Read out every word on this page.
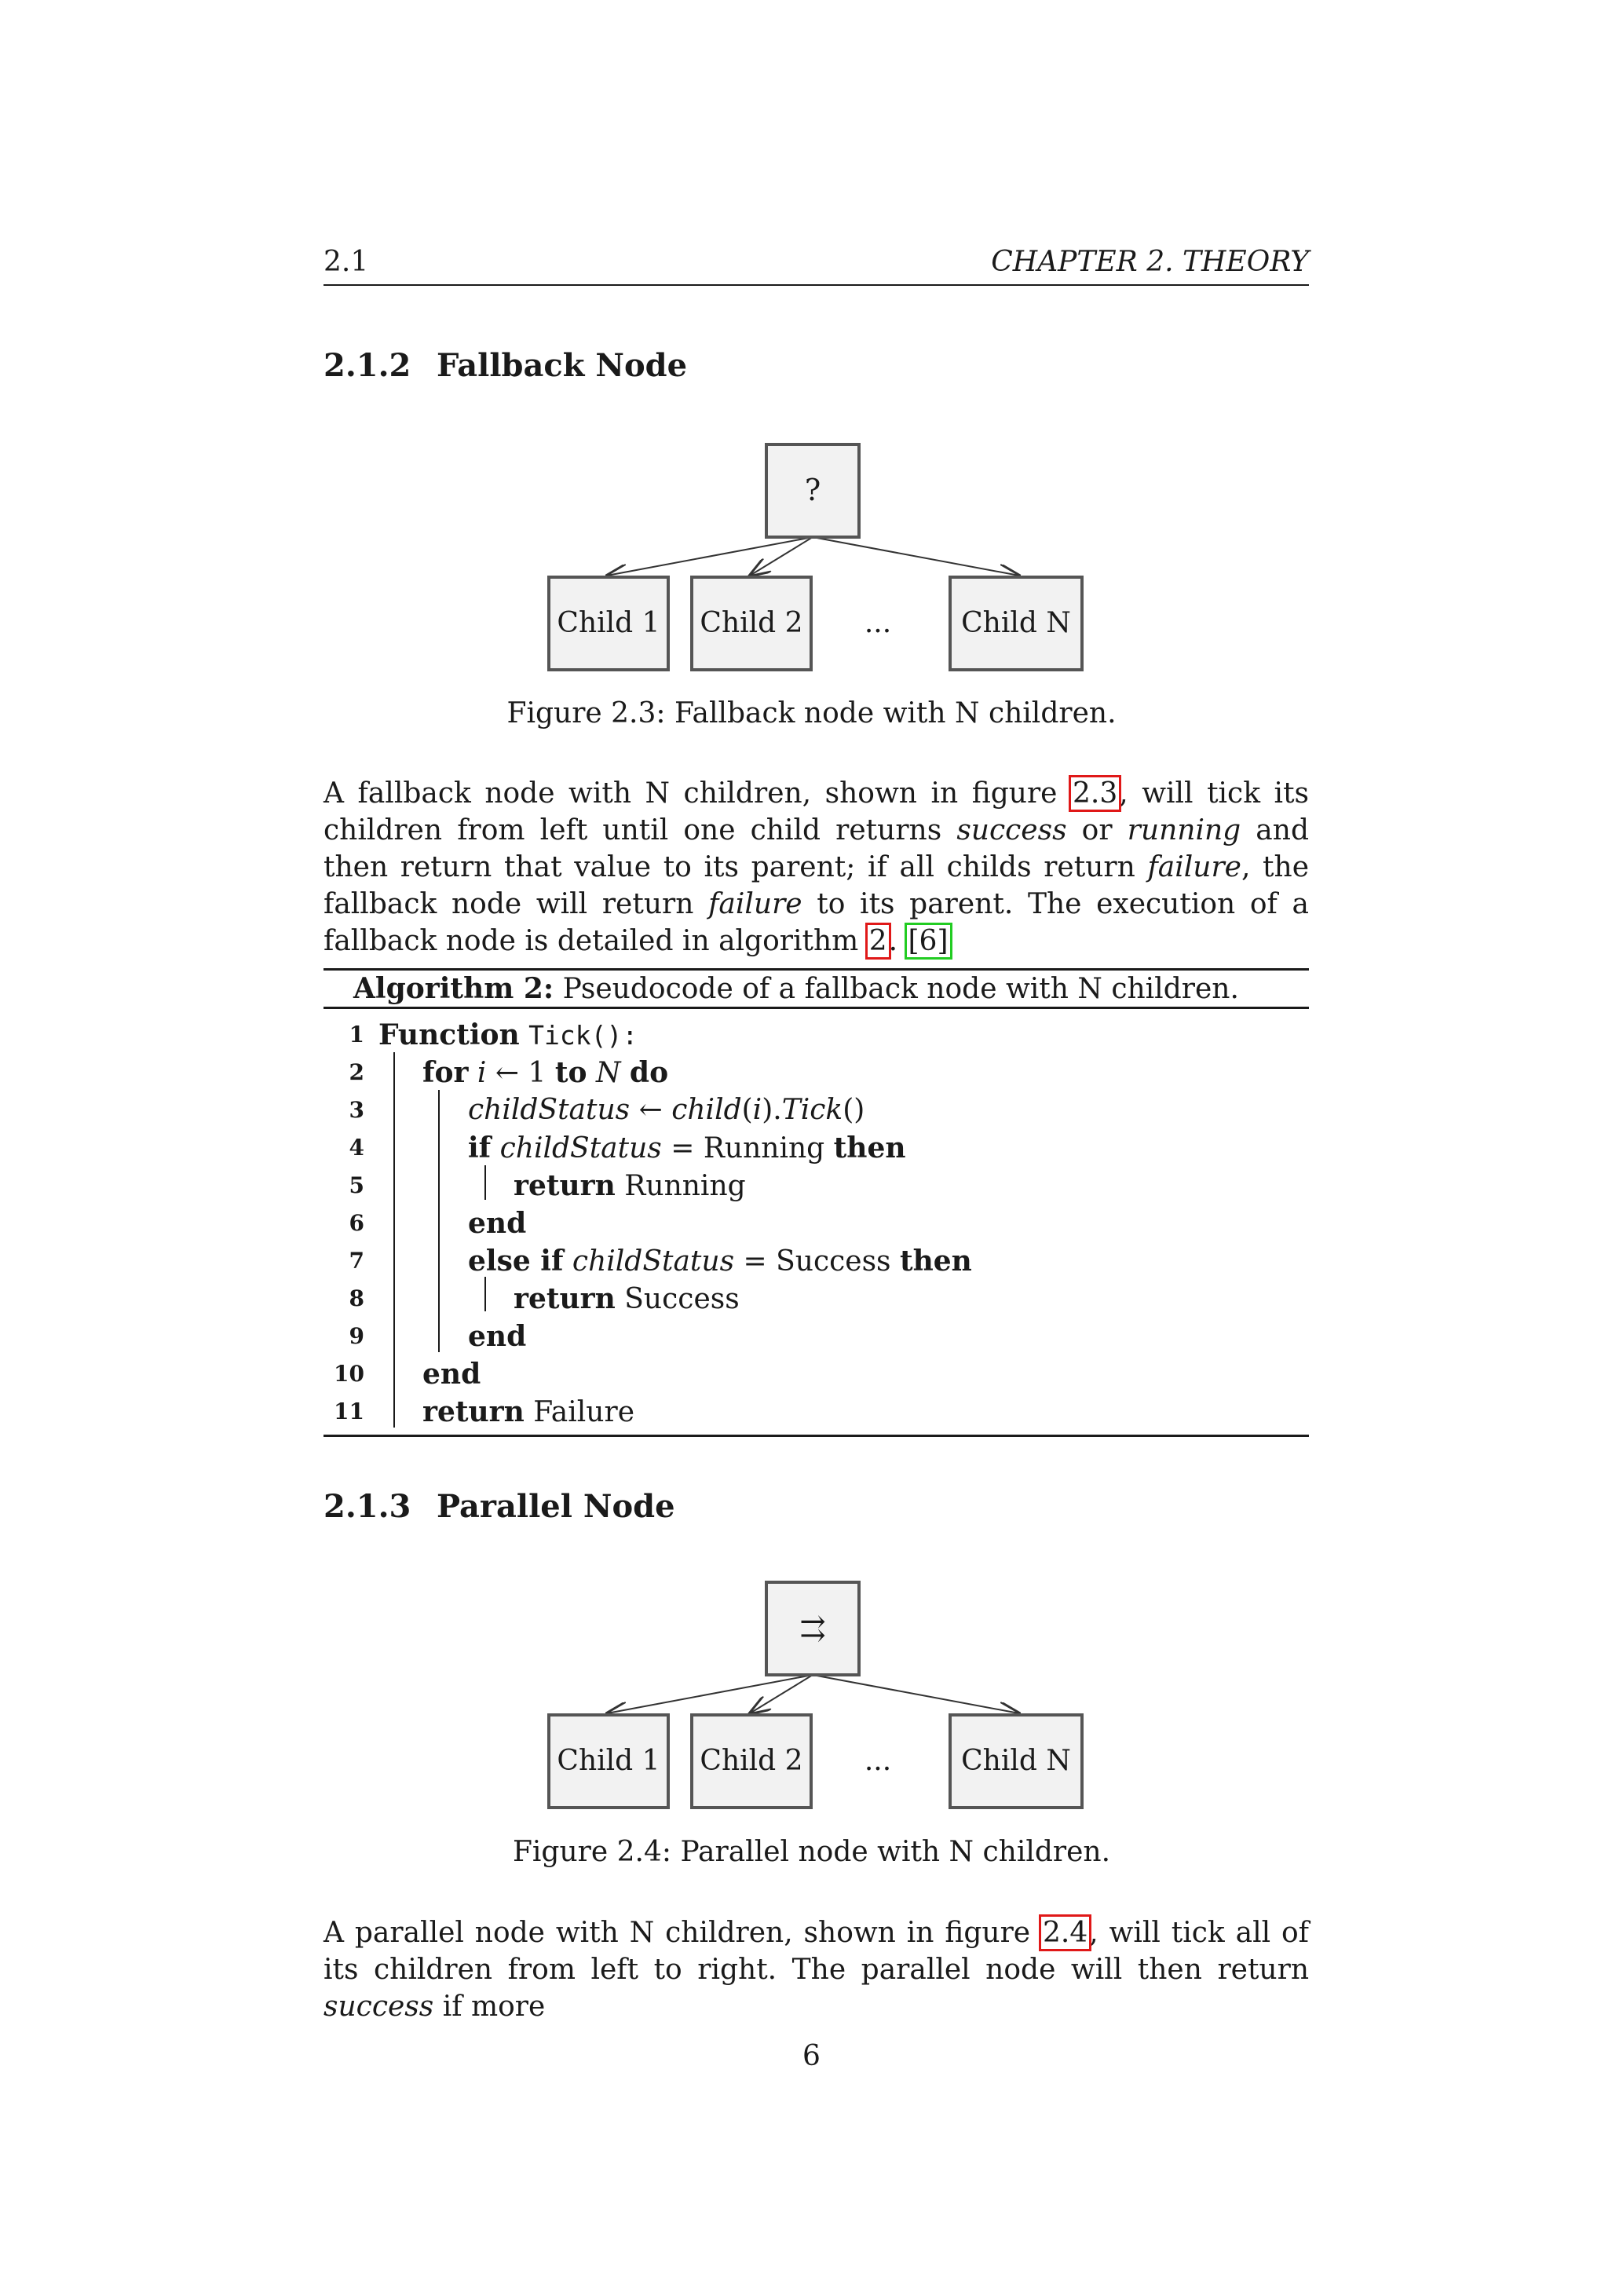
2.1	CHAPTER 2. THEORY
2.1.2 Fallback Node
?
Child 1 Child 2 ... Child N
Figure 2.3: Fallback node with N children.

A fallback node with N children, shown in figure 2.3, will tick its children from left until one child returns success or running and then return that value to its parent; if all childs return failure, the fallback node will return failure to its parent. The execution of a fallback node is detailed in algorithm 2. [6]

Algorithm 2: Pseudocode of a fallback node with N children.
1 Function Tick():
2 for i ← 1 to N do
3	childStatus ← child(i).Tick()
4	if childStatus = Running then
5	return Running
6	end
7	else if childStatus = Success then
8	return Success
9	end
10 end
11 return Failure
2.1.3 Parallel Node
⇉
Child 1 Child 2 ... Child N
Figure 2.4: Parallel node with N children.

A parallel node with N children, shown in figure 2.4, will tick all of its children from left to right. The parallel node will then return success if more

6
